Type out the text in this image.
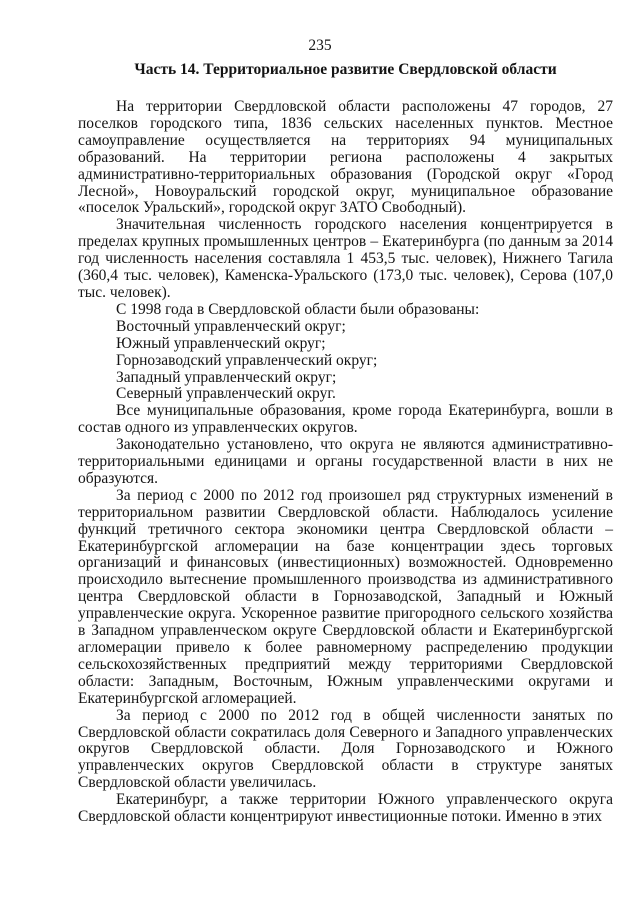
235
Часть 14. Территориальное развитие Свердловской области

На территории Свердловской области расположены 47 городов, 27 поселков городского типа, 1836 сельских населенных пунктов. Местное самоуправление осуществляется на территориях 94 муниципальных образований. На территории региона расположены 4 закрытых административно-территориальных образования (Городской округ «Город Лесной», Новоуральский городской округ, муниципальное образование «поселок Уральский», городской округ ЗАТО Свободный).

Значительная численность городского населения концентрируется в пределах крупных промышленных центров – Екатеринбурга (по данным за 2014 год численность населения составляла 1 453,5 тыс. человек), Нижнего Тагила (360,4 тыс. человек), Каменска-Уральского (173,0 тыс. человек), Серова (107,0 тыс. человек).

С 1998 года в Свердловской области были образованы:

Восточный управленческий округ;

Южный управленческий округ;

Горнозаводский управленческий округ;

Западный управленческий округ;

Северный управленческий округ.

Все муниципальные образования, кроме города Екатеринбурга, вошли в состав одного из управленческих округов.

Законодательно установлено, что округа не являются административно-территориальными единицами и органы государственной власти в них не образуются.

За период с 2000 по 2012 год произошел ряд структурных изменений в территориальном развитии Свердловской области. Наблюдалось усиление функций третичного сектора экономики центра Свердловской области – Екатеринбургской агломерации на базе концентрации здесь торговых организаций и финансовых (инвестиционных) возможностей. Одновременно происходило вытеснение промышленного производства из административного центра Свердловской области в Горнозаводской, Западный и Южный управленческие округа. Ускоренное развитие пригородного сельского хозяйства в Западном управленческом округе Свердловской области и Екатеринбургской агломерации привело к более равномерному распределению продукции сельскохозяйственных предприятий между территориями Свердловской области: Западным, Восточным, Южным управленческими округами и Екатеринбургской агломерацией.

За период с 2000 по 2012 год в общей численности занятых по Свердловской области сократилась доля Северного и Западного управленческих округов Свердловской области. Доля Горнозаводского и Южного управленческих округов Свердловской области в структуре занятых Свердловской области увеличилась.

Екатеринбург, а также территории Южного управленческого округа Свердловской области концентрируют инвестиционные потоки. Именно в этих
